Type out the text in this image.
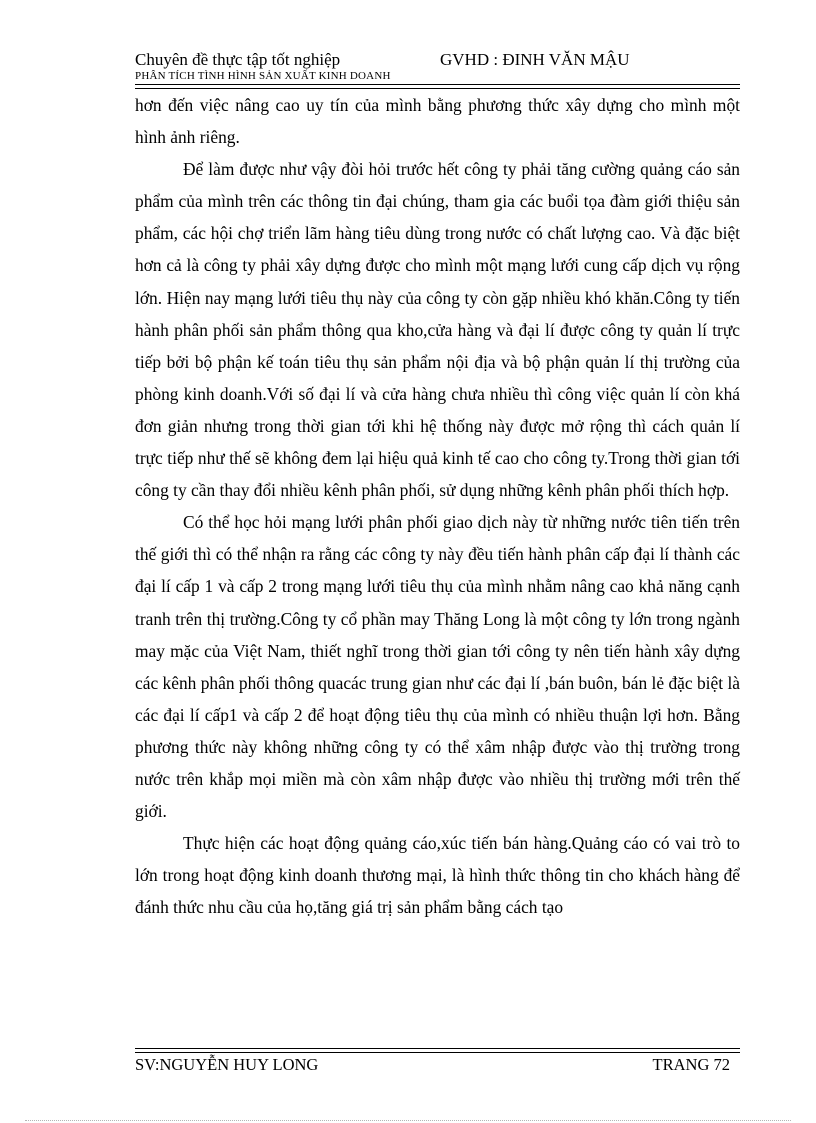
Chuyên đề thực tập tốt nghiệp	GVHD : ĐINH VĂN MẬU
PHÂN TÍCH TÌNH HÌNH SẢN XUẤT KINH DOANH

hơn đến việc nâng cao uy tín của mình bằng phương thức xây dựng cho mình một hình ảnh riêng.

Để làm được như vậy đòi hỏi trước hết công ty phải tăng cường quảng cáo sản phẩm của mình trên các thông tin đại chúng, tham gia các buổi tọa đàm giới thiệu sản phẩm, các hội chợ triển lãm hàng tiêu dùng trong nước có chất lượng cao. Và đặc biệt hơn cả là công ty phải xây dựng được cho mình một mạng lưới cung cấp dịch vụ rộng lớn. Hiện nay mạng lưới tiêu thụ này của công ty còn gặp nhiều khó khăn.Công ty tiến hành phân phối sản phẩm thông qua kho,cửa hàng và đại lí được công ty quản lí trực tiếp bởi bộ phận kế toán tiêu thụ sản phẩm nội địa và bộ phận quản lí thị trường của phòng kinh doanh.Với số đại lí và cửa hàng chưa nhiều thì công việc quản lí còn khá đơn giản nhưng trong thời gian tới khi hệ thống này được mở rộng thì cách quản lí trực tiếp như thế sẽ không đem lại hiệu quả kinh tế cao cho công ty.Trong thời gian tới công ty cần thay đổi nhiều kênh phân phối, sử dụng những kênh phân phối thích hợp.

Có thể học hỏi mạng lưới phân phối giao dịch này từ những nước tiên tiến trên thế giới thì có thể nhận ra rằng các công ty này đều tiến hành phân cấp đại lí thành các đại lí cấp 1 và cấp 2 trong mạng lưới tiêu thụ của mình nhằm nâng cao khả năng cạnh tranh trên thị trường.Công ty cổ phần may Thăng Long là một công ty lớn trong ngành may mặc của Việt Nam, thiết nghĩ trong thời gian tới công ty nên tiến hành xây dựng các kênh phân phối thông quacác trung gian như các đại lí ,bán buôn, bán lẻ đặc biệt là các đại lí cấp1 và cấp 2 để hoạt động tiêu thụ của mình có nhiều thuận lợi hơn. Bằng phương thức này không những công ty có thể xâm nhập được vào thị trường trong nước trên khắp mọi miền mà còn xâm nhập được vào nhiều thị trường mới trên thế giới.

Thực hiện các hoạt động quảng cáo,xúc tiến bán hàng.Quảng cáo có vai trò to lớn trong hoạt động kinh doanh thương mại, là hình thức thông tin cho khách hàng để đánh thức nhu cầu của họ,tăng giá trị sản phẩm bằng cách tạo

SV:NGUYỄN HUY LONG	TRANG 72
